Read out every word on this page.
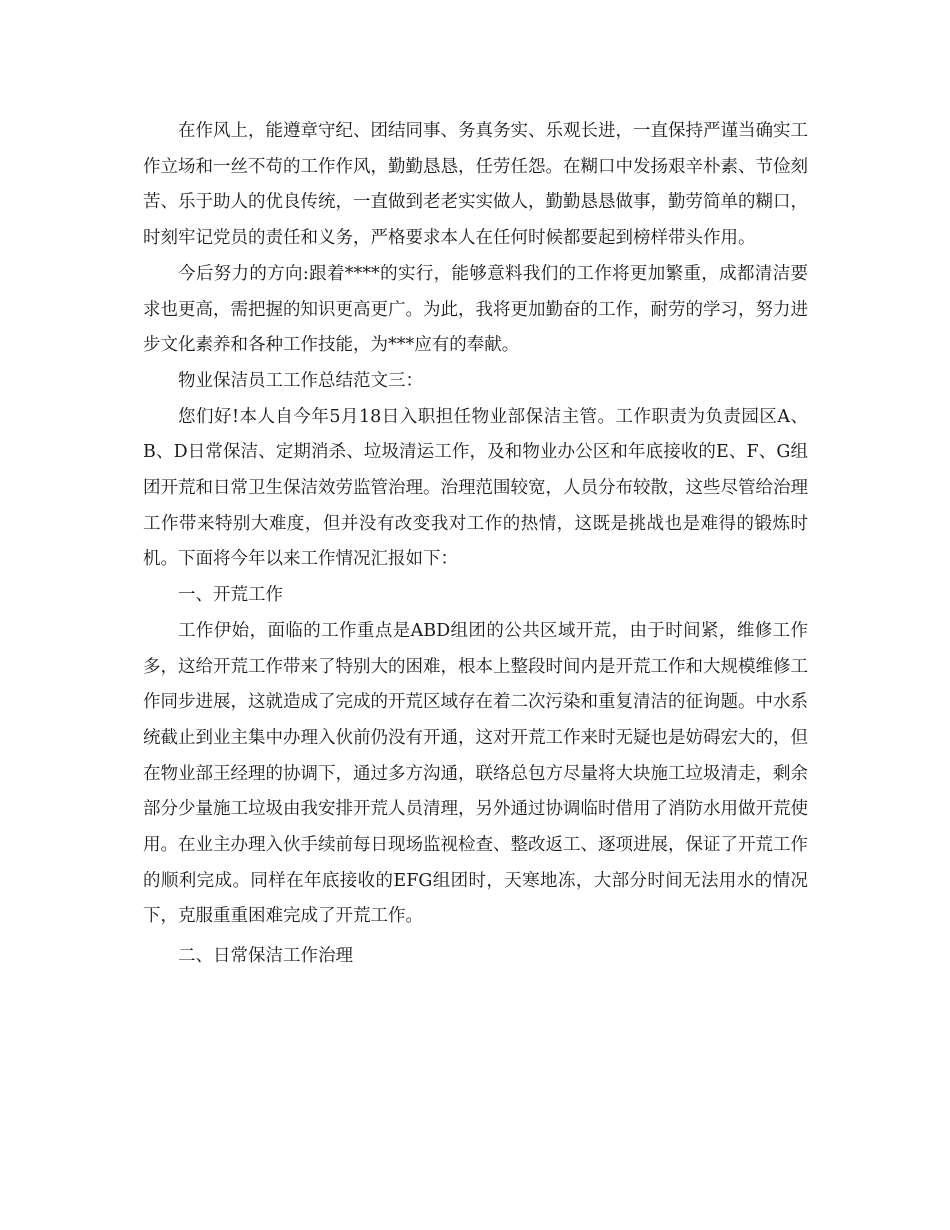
在作风上，能遵章守纪、团结同事、务真务实、乐观长进，一直保持严谨当确实工作立场和一丝不苟的工作作风，勤勤恳恳，任劳任怨。在糊口中发扬艰辛朴素、节俭刻苦、乐于助人的优良传统，一直做到老老实实做人，勤勤恳恳做事，勤劳简单的糊口，时刻牢记党员的责任和义务，严格要求本人在任何时候都要起到榜样带头作用。

今后努力的方向:跟着****的实行，能够意料我们的工作将更加繁重，成都清洁要求也更高，需把握的知识更高更广。为此，我将更加勤奋的工作，耐劳的学习，努力进步文化素养和各种工作技能，为***应有的奉献。

物业保洁员工工作总结范文三：

您们好!本人自今年5月18日入职担任物业部保洁主管。工作职责为负责园区A、B、D日常保洁、定期消杀、垃圾清运工作，及和物业办公区和年底接收的E、F、G组团开荒和日常卫生保洁效劳监管治理。治理范围较宽，人员分布较散，这些尽管给治理工作带来特别大难度，但并没有改变我对工作的热情，这既是挑战也是难得的锻炼时机。下面将今年以来工作情况汇报如下：

一、开荒工作

工作伊始，面临的工作重点是ABD组团的公共区域开荒，由于时间紧，维修工作多，这给开荒工作带来了特别大的困难，根本上整段时间内是开荒工作和大规模维修工作同步进展，这就造成了完成的开荒区域存在着二次污染和重复清洁的征询题。中水系统截止到业主集中办理入伙前仍没有开通，这对开荒工作来时无疑也是妨碍宏大的，但在物业部王经理的协调下，通过多方沟通，联络总包方尽量将大块施工垃圾清走，剩余部分少量施工垃圾由我安排开荒人员清理，另外通过协调临时借用了消防水用做开荒使用。在业主办理入伙手续前每日现场监视检查、整改返工、逐项进展，保证了开荒工作的顺利完成。同样在年底接收的EFG组团时，天寒地冻，大部分时间无法用水的情况下，克服重重困难完成了开荒工作。

二、日常保洁工作治理
